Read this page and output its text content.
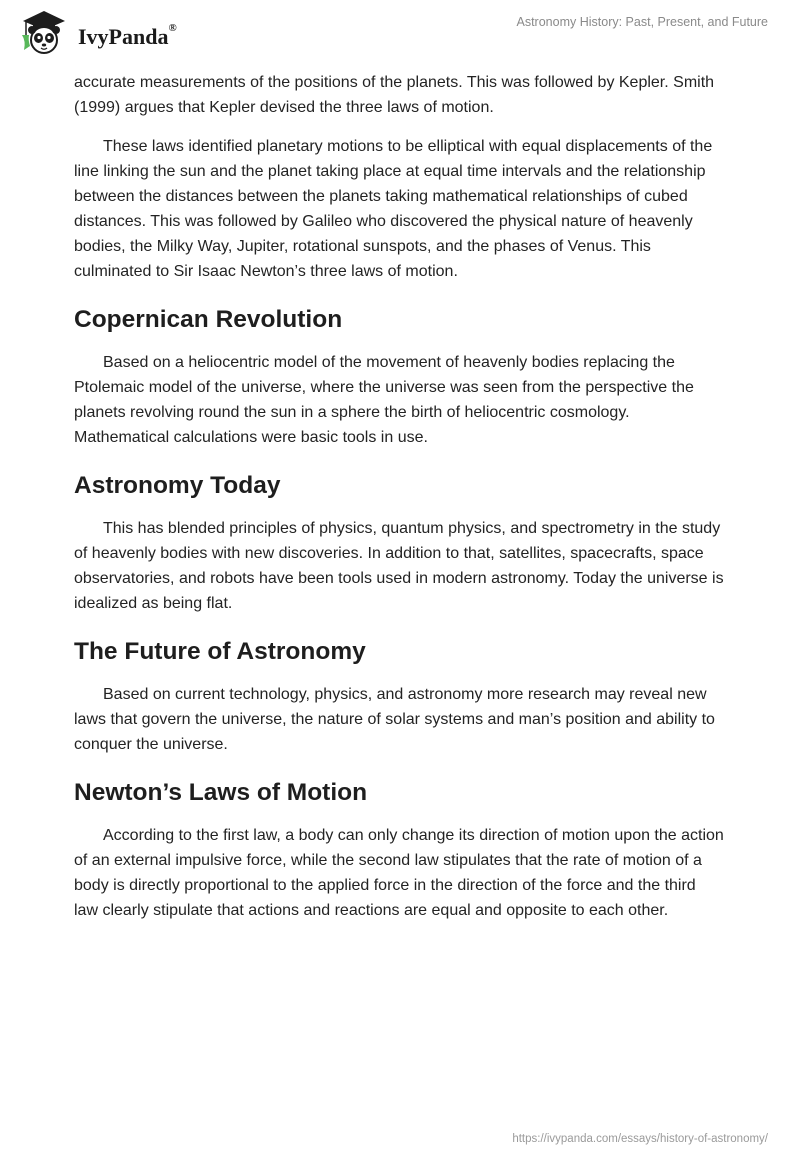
IvyPanda®	Astronomy History: Past, Present, and Future

accurate measurements of the positions of the planets. This was followed by Kepler. Smith (1999) argues that Kepler devised the three laws of motion.

These laws identified planetary motions to be elliptical with equal displacements of the line linking the sun and the planet taking place at equal time intervals and the relationship between the distances between the planets taking mathematical relationships of cubed distances. This was followed by Galileo who discovered the physical nature of heavenly bodies, the Milky Way, Jupiter, rotational sunspots, and the phases of Venus. This culminated to Sir Isaac Newton’s three laws of motion.

Copernican Revolution

Based on a heliocentric model of the movement of heavenly bodies replacing the Ptolemaic model of the universe, where the universe was seen from the perspective the planets revolving round the sun in a sphere the birth of heliocentric cosmology. Mathematical calculations were basic tools in use.

Astronomy Today

This has blended principles of physics, quantum physics, and spectrometry in the study of heavenly bodies with new discoveries. In addition to that, satellites, spacecrafts, space observatories, and robots have been tools used in modern astronomy. Today the universe is idealized as being flat.

The Future of Astronomy

Based on current technology, physics, and astronomy more research may reveal new laws that govern the universe, the nature of solar systems and man’s position and ability to conquer the universe.

Newton’s Laws of Motion

According to the first law, a body can only change its direction of motion upon the action of an external impulsive force, while the second law stipulates that the rate of motion of a body is directly proportional to the applied force in the direction of the force and the third law clearly stipulate that actions and reactions are equal and opposite to each other.

https://ivypanda.com/essays/history-of-astronomy/
